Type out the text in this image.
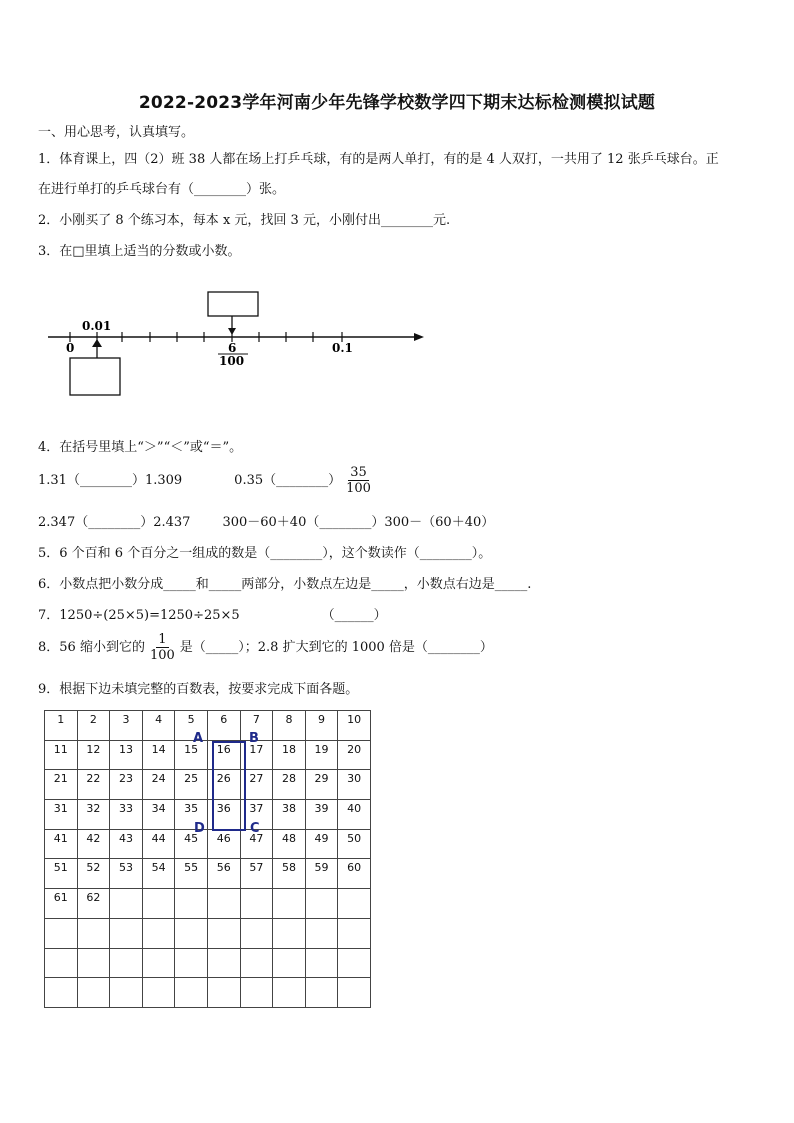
2022-2023学年河南少年先锋学校数学四下期末达标检测模拟试题
一、用心思考，认真填写。
1．体育课上，四（2）班 38 人都在场上打乒乓球，有的是两人单打，有的是 4 人双打，一共用了 12 张乒乓球台。正
在进行单打的乒乓球台有（________）张。
2．小刚买了 8 个练习本，每本 x 元，找回 3 元，小刚付出________元.
3．在□里填上适当的分数或小数。
0.01
0	6
100
0.1
4．在括号里填上“＞”“＜”或“＝”。
1.31（________）1.309	0.35（________） $\frac{35}{100}$
2.347（________）2.437 300－60＋40（________）300－（60＋40）
5．6 个百和 6 个百分之一组成的数是（________），这个数读作（________）。
6．小数点把小数分成_____和_____两部分，小数点左边是_____，小数点右边是_____.
7．1250÷(25×5)=1250÷25×5	（______）
8．56 缩小到它的 $\frac{1}{100}$ 是（_____）；2.8 扩大到它的 1000 倍是（________）
9．根据下边未填完整的百数表，按要求完成下面各题。
1	2	3	4	5	6	7	8	9	10
11	12	13	14	15	16	17	18	19	20
21	22	23	24	25	26	27	28	29	30
31	32	33	34	35	36	37	38	39	40
41	42	43	44	45	46	47	48	49	50
51	52	53	54	55	56	57	58	59	60
61	62								

A	B
C
D
